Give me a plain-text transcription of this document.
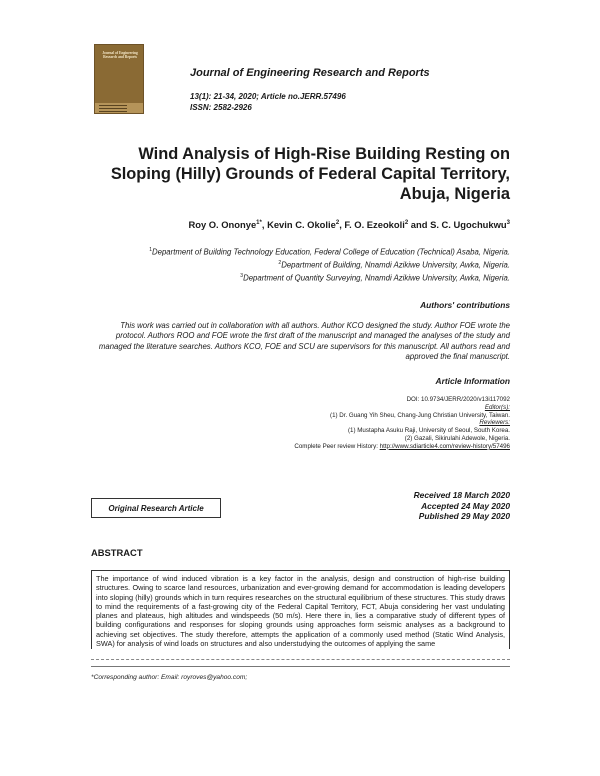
Journal of Engineering Research and Reports
Journal of Engineering Research and Reports
13(1): 21-34, 2020; Article no.JERR.57496
ISSN: 2582-2926
Wind Analysis of High-Rise Building Resting on Sloping (Hilly) Grounds of Federal Capital Territory, Abuja, Nigeria
Roy O. Ononye$^{1*}$, Kevin C. Okolie$^2$, F. O. Ezeokoli$^2$ and S. C. Ugochukwu$^3$
$^1$Department of Building Technology Education, Federal College of Education (Technical) Asaba, Nigeria.
$^2$Department of Building, Nnamdi Azikiwe University, Awka, Nigeria.
$^3$Department of Quantity Surveying, Nnamdi Azikiwe University, Awka, Nigeria.
Authors' contributions

This work was carried out in collaboration with all authors. Author KCO designed the study. Author FOE wrote the protocol. Authors ROO and FOE wrote the first draft of the manuscript and managed the analyses of the study and managed the literature searches. Authors KCO, FOE and SCU are supervisors for this manuscript. All authors read and approved the final manuscript.

Article Information
DOI: 10.9734/JERR/2020/v13i117092
Editor(s):
(1) Dr. Guang Yih Sheu, Chang-Jung Christian University, Taiwan.
Reviewers:
(1) Mustapha Asuku Raji, University of Seoul, South Korea.
(2) Gazali, Sikirulahi Adewole, Nigeria.
Complete Peer review History: http://www.sdiarticle4.com/review-history/57496
Original Research Article
Received 18 March 2020
Accepted 24 May 2020
Published 29 May 2020
ABSTRACT
The importance of wind induced vibration is a key factor in the analysis, design and construction of high-rise building structures. Owing to scarce land resources, urbanization and ever-growing demand for accommodation is leading developers into sloping (hilly) grounds which in turn requires researches on the structural equilibrium of these structures. This study draws to mind the requirements of a fast-growing city of the Federal Capital Territory, FCT, Abuja considering her vast undulating planes and plateaus, high altitudes and windspeeds (50 m/s). Here there in, lies a comparative study of different types of building configurations and responses for sloping grounds using approaches form seismic analyses as a background to achieving set objectives. The study therefore, attempts the application of a commonly used method (Static Wind Analysis, SWA) for analysis of wind loads on structures and also understudying the outcomes of applying the same
*Corresponding author: Email: royroves@yahoo.com;
